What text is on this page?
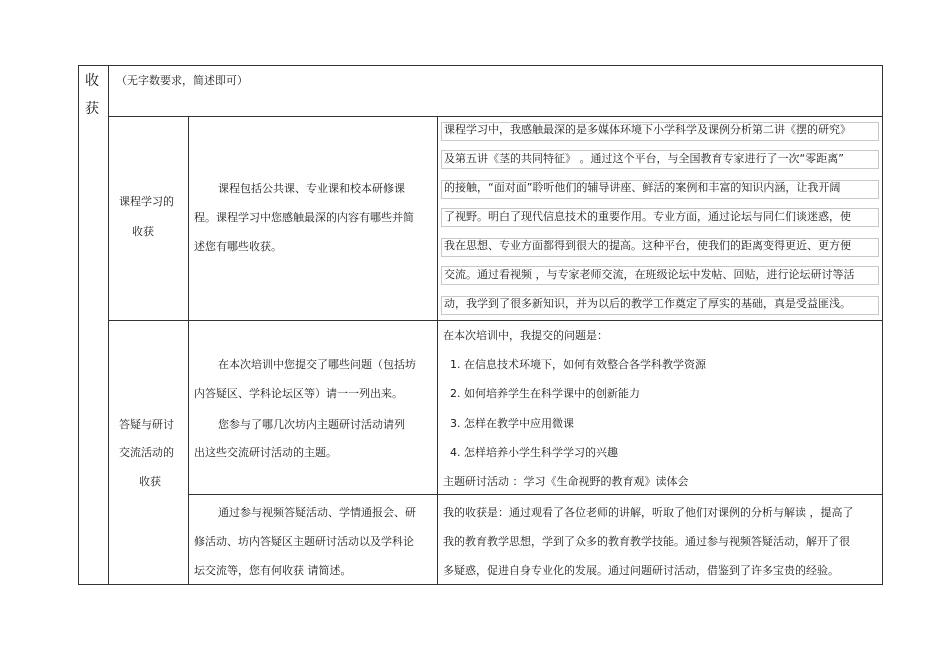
收
获
（无字数要求，简述即可）
课程学习的
收获
课程包括公共课、专业课和校本研修课
程。课程学习中您感触最深的内容有哪些并简
述您有哪些收获。
课程学习中，我感触最深的是多媒体环境下小学科学及课例分析第二讲《摆的研究》
及第五讲《茎的共同特征》 。通过这个平台，与全国教育专家进行了一次“零距离”
的接触，“面对面”聆听他们的辅导讲座、鲜活的案例和丰富的知识内涵，让我开阔
了视野。明白了现代信息技术的重要作用。专业方面，通过论坛与同仁们谈迷惑，使
我在思想、专业方面都得到很大的提高。这种平台，使我们的距离变得更近、更方便
交流。通过看视频 ，与专家老师交流，在班级论坛中发帖、回贴，进行论坛研讨等活
动，我学到了很多新知识，并为以后的教学工作奠定了厚实的基础，真是受益匪浅。
答疑与研讨
交流活动的
收获
在本次培训中您提交了哪些问题（包括坊
内答疑区、学科论坛区等）请一一列出来。
您参与了哪几次坊内主题研讨活动请列
出这些交流研讨活动的主题。
在本次培训中，我提交的问题是：
1. 在信息技术环境下，如何有效整合各学科教学资源
2. 如何培养学生在科学课中的创新能力
3. 怎样在教学中应用微课
4. 怎样培养小学生科学学习的兴趣
主题研讨活动 ：学习《生命视野的教育观》读体会
通过参与视频答疑活动、学情通报会、研
修活动、坊内答疑区主题研讨活动以及学科论
坛交流等，您有何收获 请简述。
我的收获是：通过观看了各位老师的讲解，听取了他们对课例的分析与解读 ，提高了
我的教育教学思想，学到了众多的教育教学技能。通过参与视频答疑活动，解开了很
多疑惑，促进自身专业化的发展。通过问题研讨活动，借鉴到了许多宝贵的经验。
